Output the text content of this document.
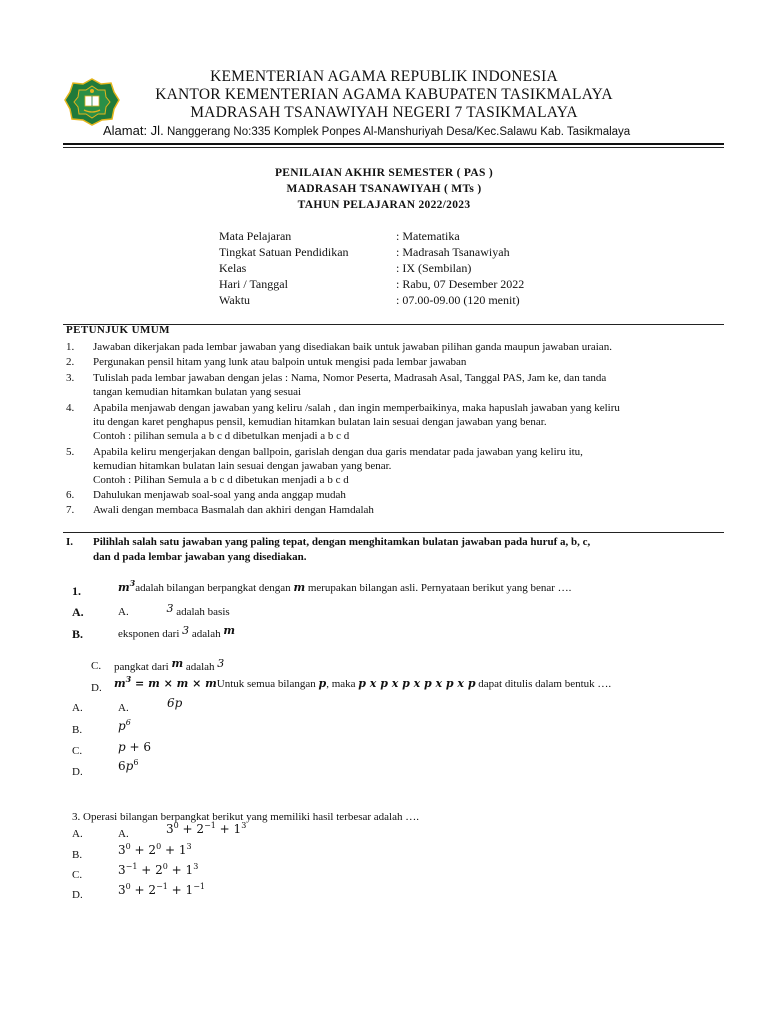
KEMENTERIAN AGAMA REPUBLIK INDONESIA
KANTOR KEMENTERIAN AGAMA KABUPATEN TASIKMALAYA
MADRASAH TSANAWIYAH NEGERI 7 TASIKMALAYA
Alamat: Jl. Nanggerang No:335 Komplek Ponpes Al-Manshuriyah Desa/Kec.Salawu Kab. Tasikmalaya
PENILAIAN AKHIR SEMESTER ( PAS )
MADRASAH TSANAWIYAH ( MTs )
TAHUN PELAJARAN 2022/2023
Mata Pelajaran	: Matematika
Tingkat Satuan Pendidikan	: Madrasah Tsanawiyah
Kelas	: IX (Sembilan)
Hari / Tanggal	: Rabu, 07 Desember 2022
Waktu	: 07.00-09.00 (120 menit)
PETUNJUK UMUM
1. Jawaban dikerjakan pada lembar jawaban yang disediakan baik untuk jawaban pilihan ganda maupun jawaban uraian.
2. Pergunakan pensil hitam yang lunk atau balpoin untuk mengisi pada lembar jawaban
3. Tulislah pada lembar jawaban dengan jelas : Nama, Nomor Peserta, Madrasah Asal, Tanggal PAS, Jam ke, dan tanda
tangan kemudian hitamkan bulatan yang sesuai
4. Apabila menjawab dengan jawaban yang keliru /salah , dan ingin memperbaikinya, maka hapuslah jawaban yang keliru
itu dengan karet penghapus pensil, kemudian hitamkan bulatan lain sesuai dengan jawaban yang benar.
Contoh : pilihan semula a b c d dibetulkan menjadi a b c d
5. Apabila keliru mengerjakan dengan ballpoin, garislah dengan dua garis mendatar pada jawaban yang keliru itu,
kemudian hitamkan bulatan lain sesuai dengan jawaban yang benar.
Contoh : Pilihan Semula a b c d dibetukan menjadi a b c d
6. Dahulukan menjawab soal-soal yang anda anggap mudah
7. Awali dengan membaca Basmalah dan akhiri dengan Hamdalah
I. Pilihlah salah satu jawaban yang paling tepat, dengan menghitamkan bulatan jawaban pada huruf a, b, c,
dan d pada lembar jawaban yang disediakan.
1.	$m^3adalah$ bilangan berpangkat dengan m merupakan bilangan asli. Pernyataan berikut yang benar ….
A.	A.	3 adalah basis
B.	eksponen dari 3 adalah m
C. pangkat dari m adalah 3
D. $m^3 = m \times m$ × mUntuk semua bilangan p, maka p x p x p x p x p x p dapat ditulis dalam bentuk ….
A.	A.	6p
B.	$p^6$
C.	p + 6
D.	$6p^6$
3. Operasi bilangan berpangkat berikut yang memiliki hasil terbesar adalah ….
A.	A.	$3^0 + 2^{-1} + 1^3$
B.	$3^0 + 2^0 + 1^3$
C.	$3^{-1} + 2^0 + 1^3$
D.	$3^0 + 2^{-1} + 1^{-1}$
